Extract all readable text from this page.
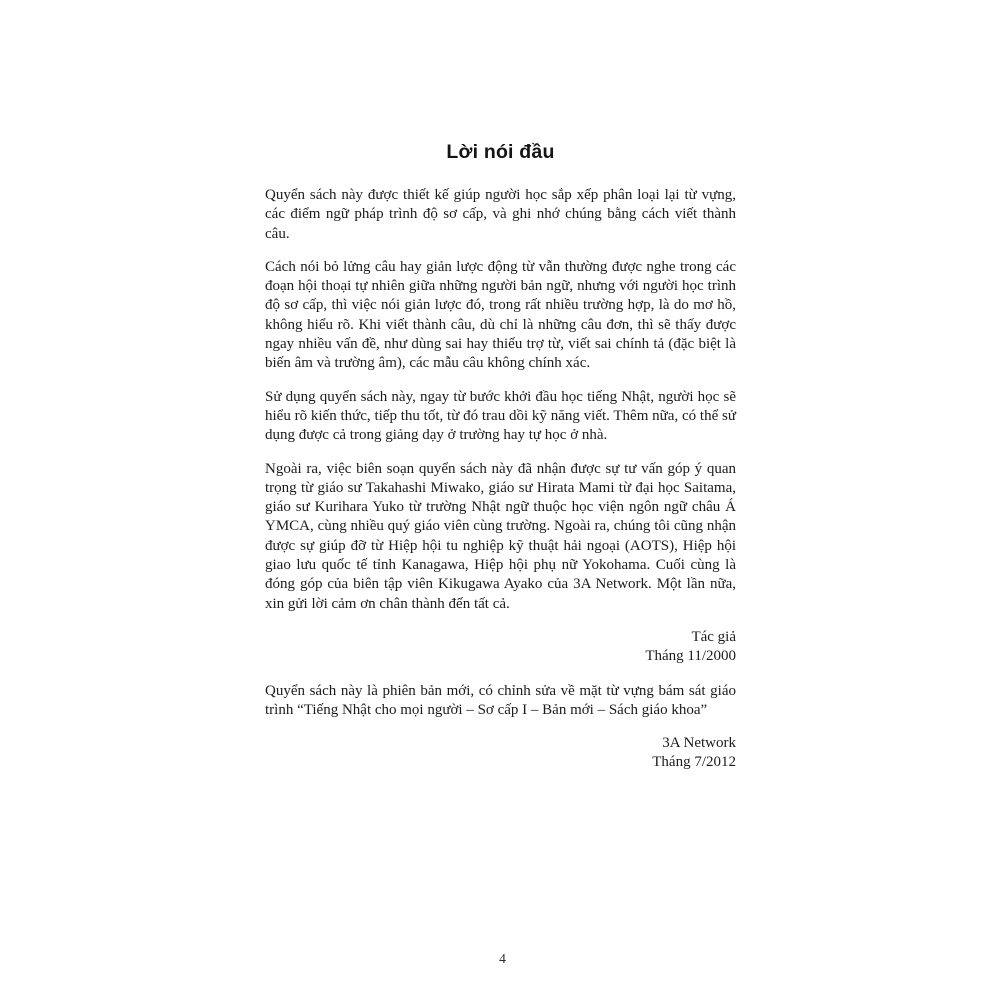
Lời nói đầu

Quyển sách này được thiết kế giúp người học sắp xếp phân loại lại từ vựng, các điểm ngữ pháp trình độ sơ cấp, và ghi nhớ chúng bằng cách viết thành câu.

Cách nói bỏ lửng câu hay giản lược động từ vẫn thường được nghe trong các đoạn hội thoại tự nhiên giữa những người bản ngữ, nhưng với người học trình độ sơ cấp, thì việc nói giản lược đó, trong rất nhiều trường hợp, là do mơ hồ, không hiểu rõ. Khi viết thành câu, dù chỉ là những câu đơn, thì sẽ thấy được ngay nhiều vấn đề, như dùng sai hay thiếu trợ từ, viết sai chính tả (đặc biệt là biến âm và trường âm), các mẫu câu không chính xác.

Sử dụng quyển sách này, ngay từ bước khởi đầu học tiếng Nhật, người học sẽ hiểu rõ kiến thức, tiếp thu tốt, từ đó trau dồi kỹ năng viết. Thêm nữa, có thể sử dụng được cả trong giảng dạy ở trường hay tự học ở nhà.

Ngoài ra, việc biên soạn quyển sách này đã nhận được sự tư vấn góp ý quan trọng từ giáo sư Takahashi Miwako, giáo sư Hirata Mami từ đại học Saitama, giáo sư Kurihara Yuko từ trường Nhật ngữ thuộc học viện ngôn ngữ châu Á YMCA, cùng nhiều quý giáo viên cùng trường. Ngoài ra, chúng tôi cũng nhận được sự giúp đỡ từ Hiệp hội tu nghiệp kỹ thuật hải ngoại (AOTS), Hiệp hội giao lưu quốc tế tỉnh Kanagawa, Hiệp hội phụ nữ Yokohama. Cuối cùng là đóng góp của biên tập viên Kikugawa Ayako của 3A Network. Một lần nữa, xin gửi lời cảm ơn chân thành đến tất cả.

Tác giả
Tháng 11/2000

Quyển sách này là phiên bản mới, có chỉnh sửa về mặt từ vựng bám sát giáo trình “Tiếng Nhật cho mọi người – Sơ cấp I – Bản mới – Sách giáo khoa”

3A Network
Tháng 7/2012
4
